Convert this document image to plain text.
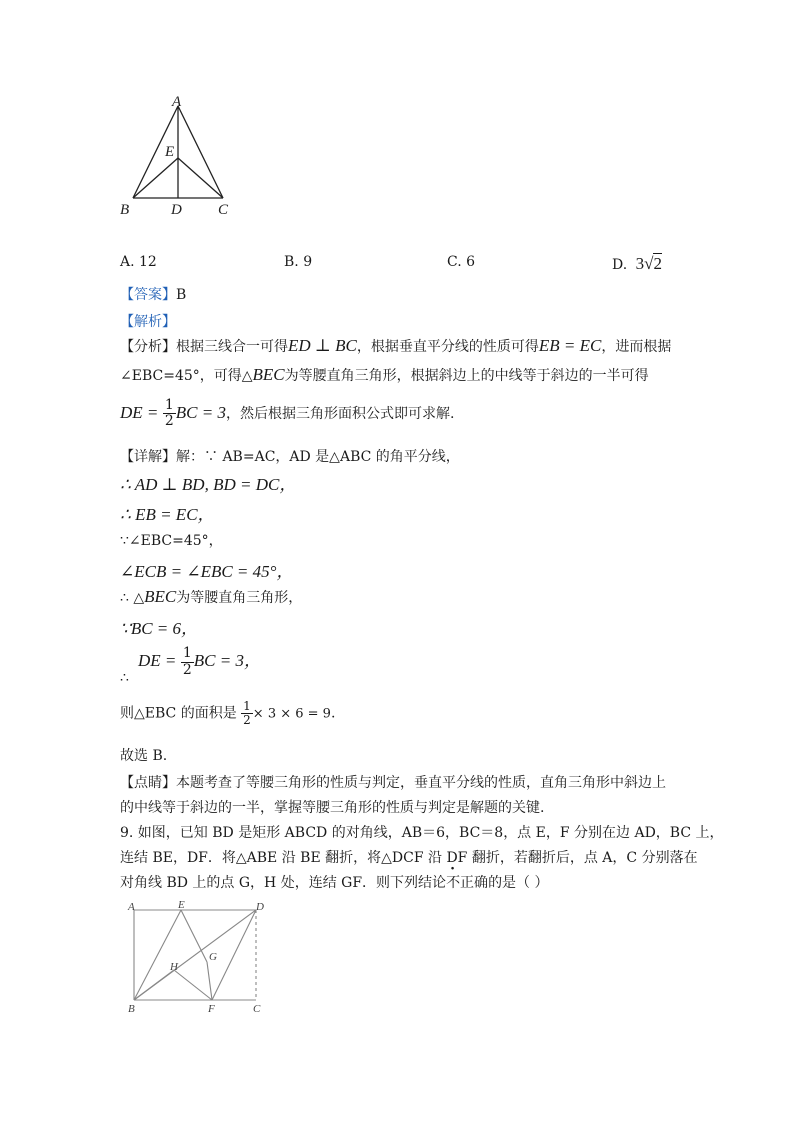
A
E
B	D C
A. 12	B. 9	C. 6	D. 3√2
【答案】B
【解析】
【分析】根据三线合一可得ED ⊥ BC，根据垂直平分线的性质可得EB = EC，进而根据
∠EBC=45°，可得△BEC为等腰直角三角形，根据斜边上的中线等于斜边的一半可得
DE = $\frac{1}{2}$ BC = 3，然后根据三角形面积公式即可求解.
【详解】解：∵ AB=AC，AD 是△ABC 的角平分线，
∴ AD ⊥ BD, BD = DC，
∴ EB = EC，
∵∠EBC=45°，
∠ECB = ∠EBC = 45°，
∴ △BEC为等腰直角三角形，
∵BC = 6，
DE = $\frac{1}{2}$ BC = 3，
∴
则△EBC 的面积是 $\frac{1}{2} \times 3 \times 6 = 9$.
故选 B.
【点睛】本题考查了等腰三角形的性质与判定，垂直平分线的性质，直角三角形中斜边上
的中线等于斜边的一半，掌握等腰三角形的性质与判定是解题的关键.
9. 如图，已知 BD 是矩形 ABCD 的对角线，AB＝6，BC＝8，点 E，F 分别在边 AD，BC 上，
连结 BE，DF．将△ABE 沿 BE 翻折，将△DCF 沿 DF 翻折，若翻折后，点 A，C 分别落在
对角线 BD 上的点 G，H 处，连结 GF．则下列结论不正确的是（ ）
A	E	D
H
G
B	F	C
